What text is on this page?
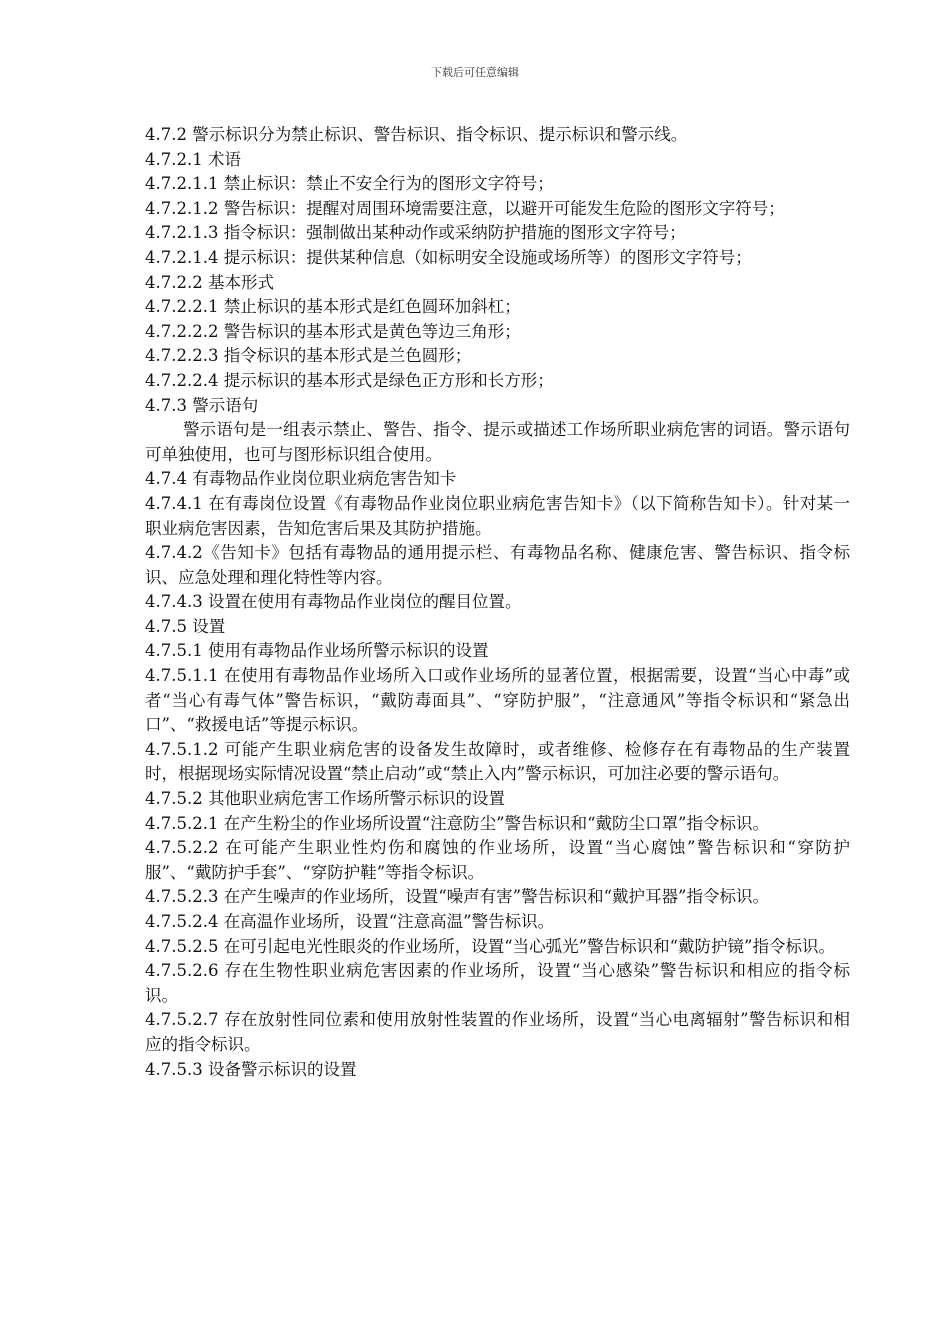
下载后可任意编辑

4.7.2 警示标识分为禁止标识、警告标识、指令标识、提示标识和警示线。

4.7.2.1 术语

4.7.2.1.1 禁止标识：禁止不安全行为的图形文字符号；

4.7.2.1.2 警告标识：提醒对周围环境需要注意，以避开可能发生危险的图形文字符号；

4.7.2.1.3 指令标识：强制做出某种动作或采纳防护措施的图形文字符号；

4.7.2.1.4 提示标识：提供某种信息（如标明安全设施或场所等）的图形文字符号；

4.7.2.2 基本形式

4.7.2.2.1 禁止标识的基本形式是红色圆环加斜杠；

4.7.2.2.2 警告标识的基本形式是黄色等边三角形；

4.7.2.2.3 指令标识的基本形式是兰色圆形；

4.7.2.2.4 提示标识的基本形式是绿色正方形和长方形；

4.7.3 警示语句

警示语句是一组表示禁止、警告、指令、提示或描述工作场所职业病危害的词语。警示语句可单独使用，也可与图形标识组合使用。

4.7.4 有毒物品作业岗位职业病危害告知卡

4.7.4.1 在有毒岗位设置《有毒物品作业岗位职业病危害告知卡》（以下简称告知卡）。针对某一职业病危害因素，告知危害后果及其防护措施。

4.7.4.2《告知卡》包括有毒物品的通用提示栏、有毒物品名称、健康危害、警告标识、指令标识、应急处理和理化特性等内容。

4.7.4.3 设置在使用有毒物品作业岗位的醒目位置。

4.7.5 设置

4.7.5.1 使用有毒物品作业场所警示标识的设置

4.7.5.1.1 在使用有毒物品作业场所入口或作业场所的显著位置，根据需要，设置“当心中毒”或者“当心有毒气体”警告标识，“戴防毒面具”、“穿防护服”，“注意通风”等指令标识和“紧急出口”、“救援电话”等提示标识。

4.7.5.1.2 可能产生职业病危害的设备发生故障时，或者维修、检修存在有毒物品的生产装置时，根据现场实际情况设置“禁止启动”或“禁止入内”警示标识，可加注必要的警示语句。

4.7.5.2 其他职业病危害工作场所警示标识的设置

4.7.5.2.1 在产生粉尘的作业场所设置“注意防尘”警告标识和“戴防尘口罩”指令标识。

4.7.5.2.2 在可能产生职业性灼伤和腐蚀的作业场所，设置“当心腐蚀”警告标识和“穿防护服”、“戴防护手套”、“穿防护鞋”等指令标识。

4.7.5.2.3 在产生噪声的作业场所，设置“噪声有害”警告标识和“戴护耳器”指令标识。

4.7.5.2.4 在高温作业场所，设置“注意高温”警告标识。

4.7.5.2.5 在可引起电光性眼炎的作业场所，设置“当心弧光”警告标识和“戴防护镜”指令标识。

4.7.5.2.6 存在生物性职业病危害因素的作业场所，设置“当心感染”警告标识和相应的指令标识。

4.7.5.2.7 存在放射性同位素和使用放射性装置的作业场所，设置“当心电离辐射”警告标识和相应的指令标识。

4.7.5.3 设备警示标识的设置
